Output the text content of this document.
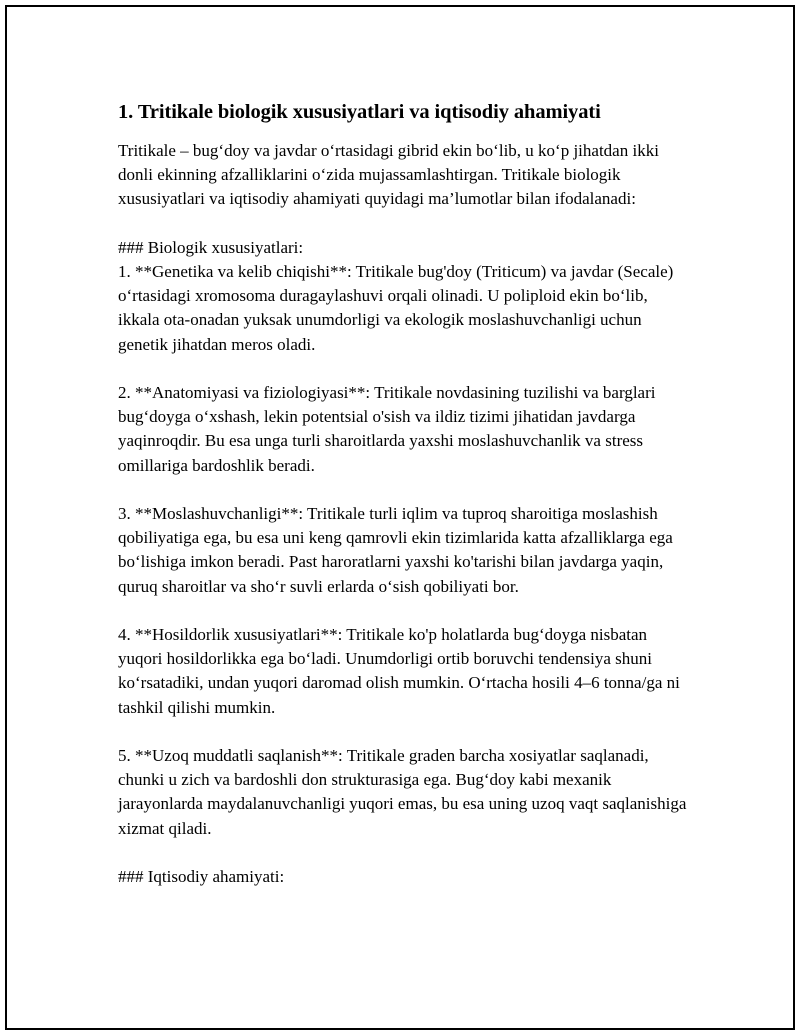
1. Tritikale biologik xususiyatlari va iqtisodiy ahamiyati

Tritikale – bug‘doy va javdar o‘rtasidagi gibrid ekin bo‘lib, u ko‘p jihatdan ikki donli ekinning afzalliklarini o‘zida mujassamlashtirgan. Tritikale biologik xususiyatlari va iqtisodiy ahamiyati quyidagi ma’lumotlar bilan ifodalanadi:

### Biologik xususiyatlari:

1. **Genetika va kelib chiqishi**: Tritikale bug'doy (Triticum) va javdar (Secale) o‘rtasidagi xromosoma duragaylashuvi orqali olinadi. U poliploid ekin bo‘lib, ikkala ota-onadan yuksak unumdorligi va ekologik moslashuvchanligi uchun genetik jihatdan meros oladi.

2. **Anatomiyasi va fiziologiyasi**: Tritikale novdasining tuzilishi va barglari bug‘doyga o‘xshash, lekin potentsial o'sish va ildiz tizimi jihatidan javdarga yaqinroqdir. Bu esa unga turli sharoitlarda yaxshi moslashuvchanlik va stress omillariga bardoshlik beradi.

3. **Moslashuvchanligi**: Tritikale turli iqlim va tuproq sharoitiga moslashish qobiliyatiga ega, bu esa uni keng qamrovli ekin tizimlarida katta afzalliklarga ega bo‘lishiga imkon beradi. Past haroratlarni yaxshi ko'tarishi bilan javdarga yaqin, quruq sharoitlar va sho‘r suvli erlarda o‘sish qobiliyati bor.

4. **Hosildorlik xususiyatlari**: Tritikale ko'p holatlarda bug‘doyga nisbatan yuqori hosildorlikka ega bo‘ladi. Unumdorligi ortib boruvchi tendensiya shuni ko‘rsatadiki, undan yuqori daromad olish mumkin. O‘rtacha hosili 4–6 tonna/ga ni tashkil qilishi mumkin.

5. **Uzoq muddatli saqlanish**: Tritikale graden barcha xosiyatlar saqlanadi, chunki u zich va bardoshli don strukturasiga ega. Bug‘doy kabi mexanik jarayonlarda maydalanuvchanligi yuqori emas, bu esa uning uzoq vaqt saqlanishiga xizmat qiladi.

### Iqtisodiy ahamiyati:
